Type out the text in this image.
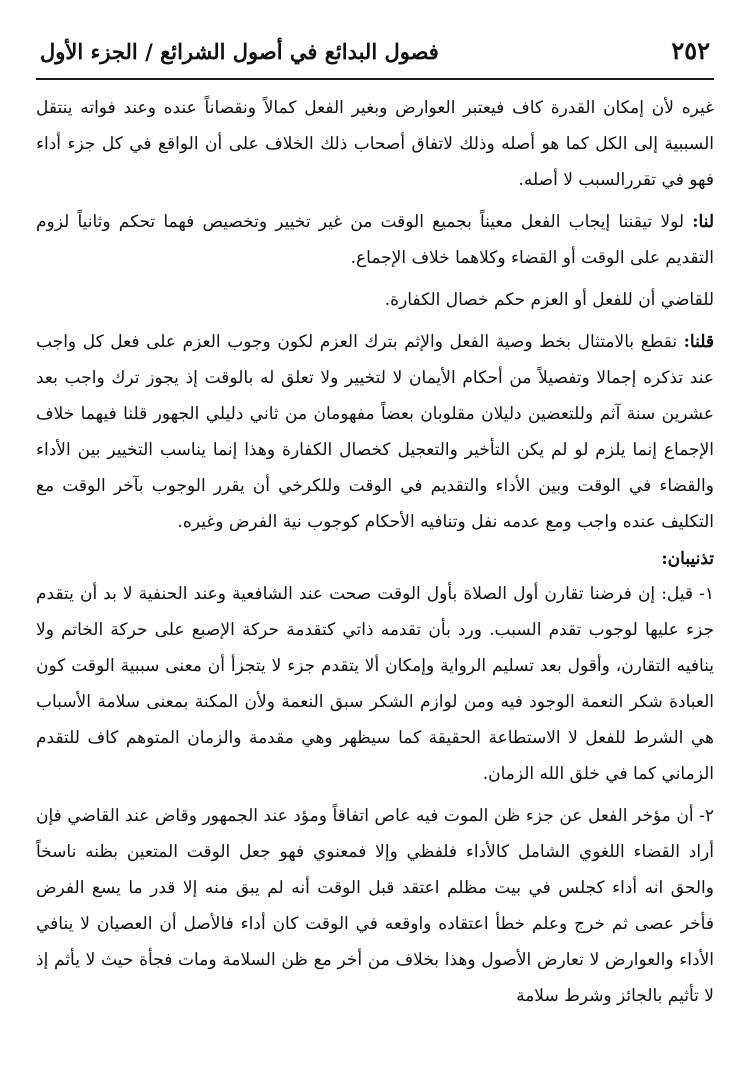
٢٥٢
فصول البدائع في أصول الشرائع / الجزء الأول

غيره لأن إمكان القدرة كاف فيعتبر العوارض وبغير الفعل كمالاً ونقصاناً عنده وعند فواته ينتقل السببية إلى الكل كما هو أصله وذلك لاتفاق أصحاب ذلك الخلاف على أن الواقع في كل جزء أداء فهو في تقررالسبب لا أصله.

لنا: لولا تيقننا إيجاب الفعل معيناً بجميع الوقت من غير تخيير وتخصيص فهما تحكم وثانياً لزوم التقديم على الوقت أو القضاء وكلاهما خلاف الإجماع.

للقاضي أن للفعل أو العزم حكم خصال الكفارة.

قلنا: نقطع بالامتثال بخط وصية الفعل والإثم بترك العزم لكون وجوب العزم على فعل كل واجب عند تذكره إجمالا وتفصيلاً من أحكام الأيمان لا لتخيير ولا تعلق له بالوقت إذ يجوز ترك واجب بعد عشرين سنة آثم وللتعضين دليلان مقلوبان بعضاً مفهومان من ثاني دليلي الجهور قلنا فيهما خلاف الإجماع إنما يلزم لو لم يكن التأخير والتعجيل كخصال الكفارة وهذا إنما يناسب التخيير بين الأداء والقضاء في الوقت وبين الأداء والتقديم في الوقت وللكرخي أن يقرر الوجوب بآخر الوقت مع التكليف عنده واجب ومع عدمه نفل وتنافيه الأحكام كوجوب نية الفرض وغيره.

تذنيبان:

١- قيل: إن فرضنا تقارن أول الصلاة بأول الوقت صحت عند الشافعية وعند الحنفية لا بد أن يتقدم جزء عليها لوجوب تقدم السبب. ورد بأن تقدمه ذاتي كتقدمة حركة الإصبع على حركة الخاتم ولا ينافيه التقارن، وأقول بعد تسليم الرواية وإمكان ألا يتقدم جزء لا يتجزأ أن معنى سببية الوقت كون العبادة شكر النعمة الوجود فيه ومن لوازم الشكر سبق النعمة ولأن المكنة بمعنى سلامة الأسباب هي الشرط للفعل لا الاستطاعة الحقيقة كما سيظهر وهي مقدمة والزمان المتوهم كاف للتقدم الزماني كما في خلق الله الزمان.

٢- أن مؤخر الفعل عن جزء ظن الموت فيه عاص اتفاقاً ومؤد عند الجمهور وقاض عند القاضي فإن أراد القضاء اللغوي الشامل كالأداء فلفظي وإلا فمعنوي فهو جعل الوقت المتعين بظنه ناسخاً والحق انه أداء كجلس في بيت مظلم اعتقد قبل الوقت أنه لم يبق منه إلا قدر ما يسع الفرض فأخر عصى ثم خرج وعلم خطأ اعتقاده واوقعه في الوقت كان أداء فالأصل أن العصيان لا ينافي الأداء والعوارض لا تعارض الأصول وهذا بخلاف من أخر مع ظن السلامة ومات فجأة حيث لا يأثم إذ لا تأثيم بالجائز وشرط سلامة
